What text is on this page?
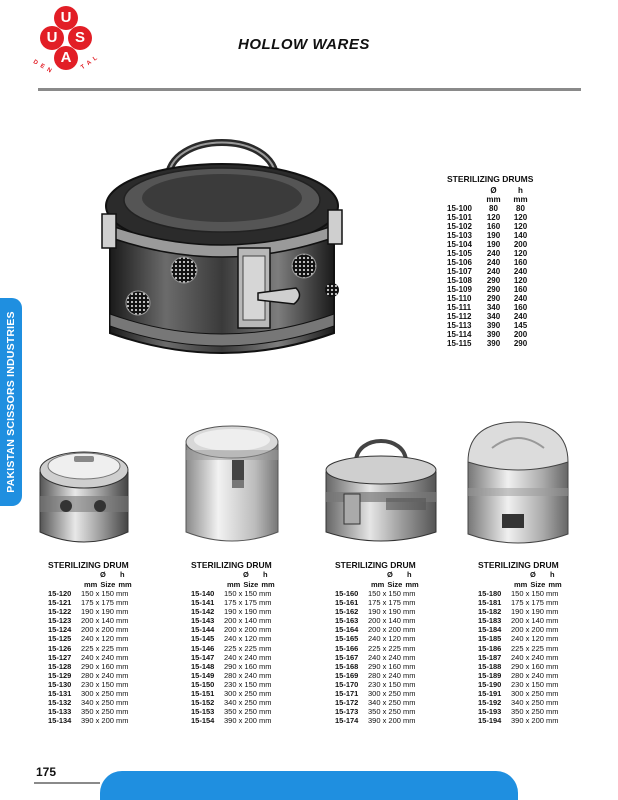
U
S
U
A
D E N	T A L
HOLLOW WARES
PAKISTAN SCISSORS INDUSTRIES
STERILIZING DRUMS
Ø	h
mm	mm
15-100	80	80
15-101	120	120
15-102	160	120
15-103	190	140
15-104	190	200
15-105	240	120
15-106	240	160
15-107	240	240
15-108	290	120
15-109	290	160
15-110	290	240
15-111	340	160
15-112	340	240
15-113	390	145
15-114	390	200
15-115	390	290
STERILIZING DRUM
Ø	h
mm Size mm
15-120	150 x 150 mm
15-121	175 x 175 mm
15-122	190 x 190 mm
15-123	200 x 140 mm
15-124	200 x 200 mm
15-125	240 x 120 mm
15-126	225 x 225 mm
15-127	240 x 240 mm
15-128	290 x 160 mm
15-129	280 x 240 mm
15-130	230 x 150 mm
15-131	300 x 250 mm
15-132	340 x 250 mm
15-133	350 x 250 mm
15-134	390 x 200 mm
STERILIZING DRUM
Ø	h
mm Size mm
15-140	150 x 150 mm
15-141	175 x 175 mm
15-142	190 x 190 mm
15-143	200 x 140 mm
15-144	200 x 200 mm
15-145	240 x 120 mm
15-146	225 x 225 mm
15-147	240 x 240 mm
15-148	290 x 160 mm
15-149	280 x 240 mm
15-150	230 x 150 mm
15-151	300 x 250 mm
15-152	340 x 250 mm
15-153	350 x 250 mm
15-154	390 x 200 mm
STERILIZING DRUM
Ø	h
mm Size mm
15-160	150 x 150 mm
15-161	175 x 175 mm
15-162	190 x 190 mm
15-163	200 x 140 mm
15-164	200 x 200 mm
15-165	240 x 120 mm
15-166	225 x 225 mm
15-167	240 x 240 mm
15-168	290 x 160 mm
15-169	280 x 240 mm
15-170	230 x 150 mm
15-171	300 x 250 mm
15-172	340 x 250 mm
15-173	350 x 250 mm
15-174	390 x 200 mm
STERILIZING DRUM
Ø	h
mm Size mm
15-180	150 x 150 mm
15-181	175 x 175 mm
15-182	190 x 190 mm
15-183	200 x 140 mm
15-184	200 x 200 mm
15-185	240 x 120 mm
15-186	225 x 225 mm
15-187	240 x 240 mm
15-188	290 x 160 mm
15-189	280 x 240 mm
15-190	230 x 150 mm
15-191	300 x 250 mm
15-192	340 x 250 mm
15-193	350 x 250 mm
15-194	390 x 200 mm
175
